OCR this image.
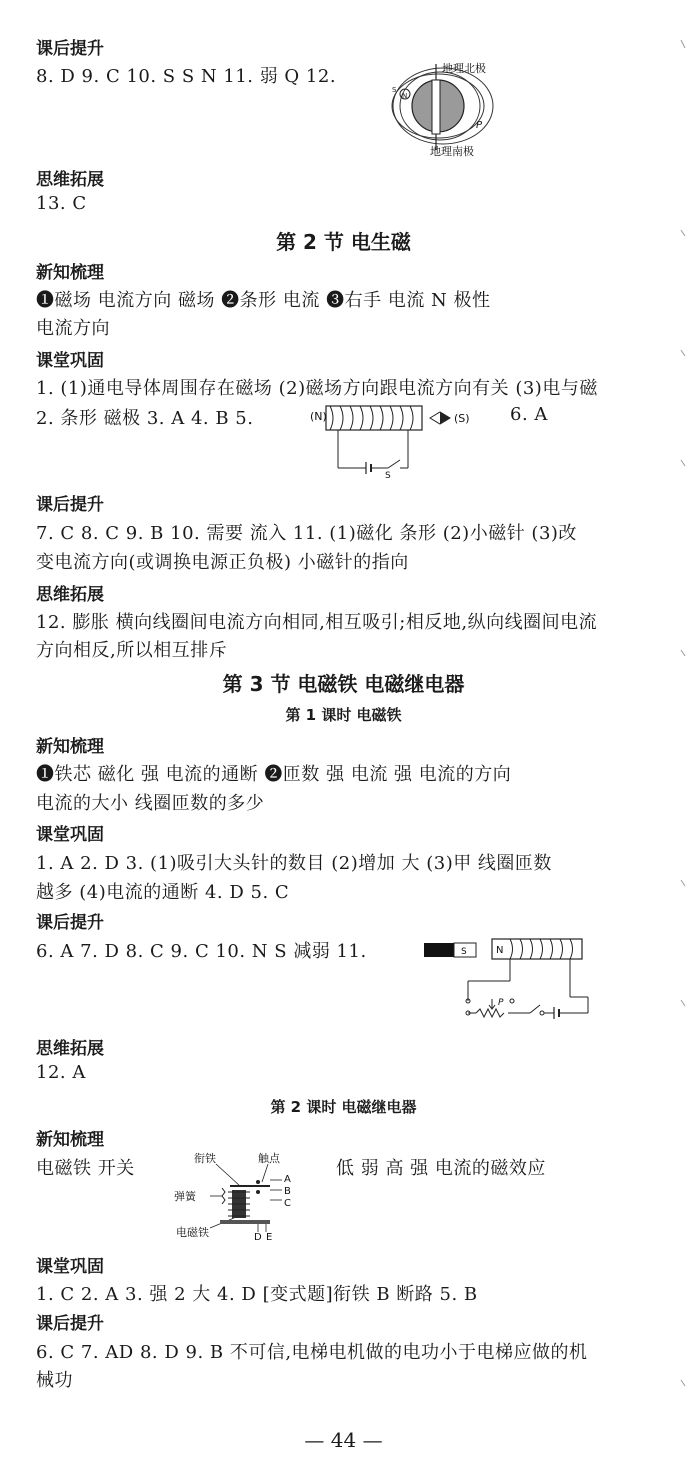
课后提升
8. D 9. C 10. S S N 11. 弱 Q 12.
S
N
地理北极
P
地理南极
思维拓展
13. C
第 2 节 电生磁
新知梳理
❶磁场 电流方向 磁场 ❷条形 电流 ❸右手 电流 N 极性
电流方向
课堂巩固
1. (1)通电导体周围存在磁场 (2)磁场方向跟电流方向有关 (3)电与磁
2. 条形 磁极 3. A 4. B 5.	(N)
S
(S) 6. A
课后提升
7. C 8. C 9. B 10. 需要 流入 11. (1)磁化 条形 (2)小磁针 (3)改
变电流方向(或调换电源正负极) 小磁针的指向
思维拓展
12. 膨胀 横向线圈间电流方向相同,相互吸引;相反地,纵向线圈间电流
方向相反,所以相互排斥
第 3 节 电磁铁 电磁继电器
第 1 课时 电磁铁
新知梳理
❶铁芯 磁化 强 电流的通断 ❷匝数 强 电流 强 电流的方向
电流的大小 线圈匝数的多少
课堂巩固
1. A 2. D 3. (1)吸引大头针的数目 (2)增加 大 (3)甲 线圈匝数
越多 (4)电流的通断 4. D 5. C
课后提升
6. A 7. D 8. C 9. C 10. N S 减弱 11.	S	N
P
思维拓展
12. A
第 2 课时 电磁继电器
新知梳理
电磁铁 开关	衔铁	触点
弹簧
电磁铁
A
B
C
D E
低 弱 高 强 电流的磁效应
课堂巩固
1. C 2. A 3. 强 2 大 4. D [变式题]衔铁 B 断路 5. B
课后提升
6. C 7. AD 8. D 9. B 不可信,电梯电机做的电功小于电梯应做的机
械功
— 44 —
